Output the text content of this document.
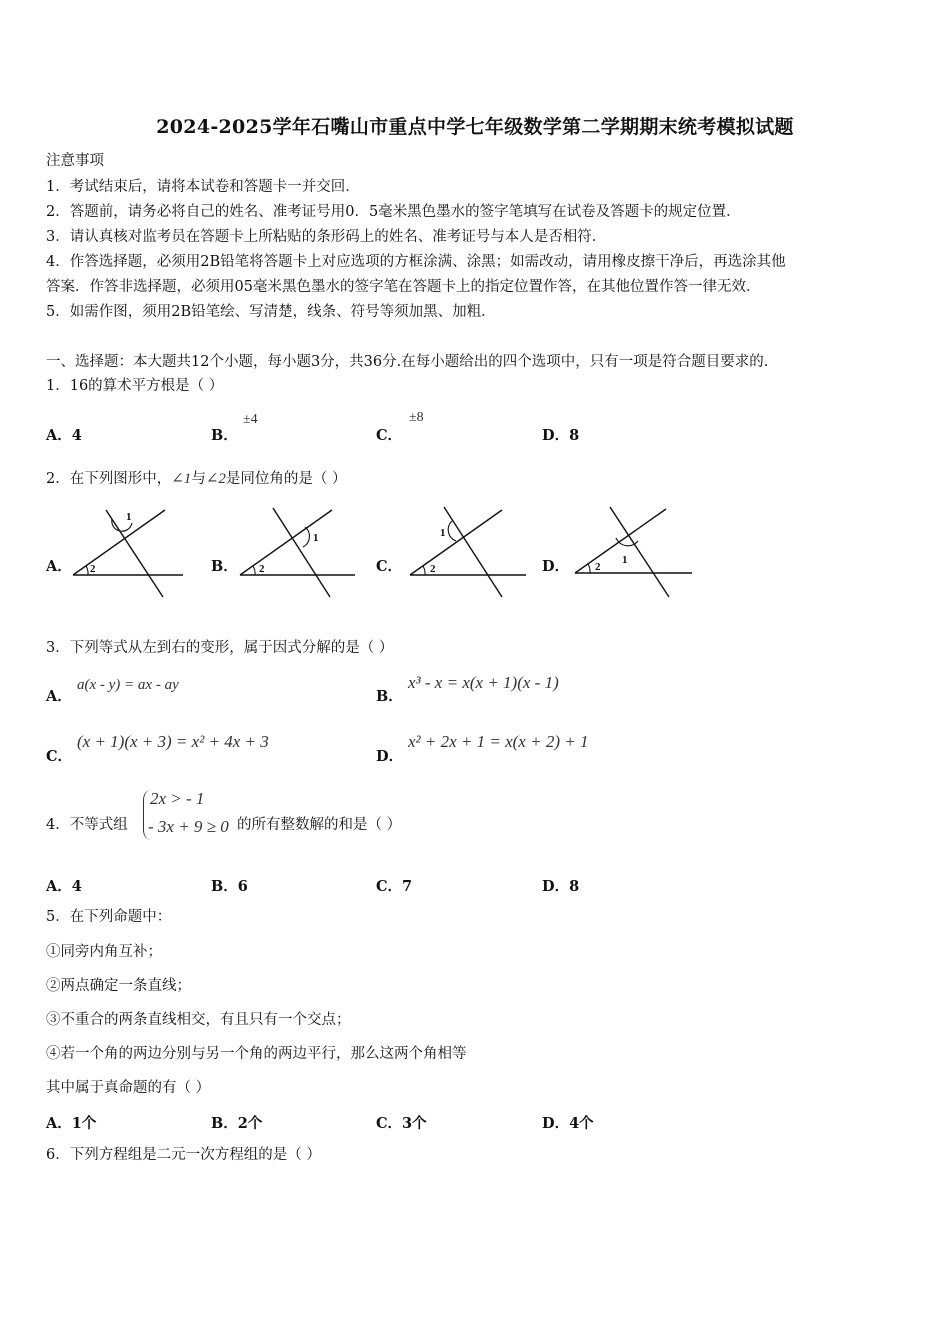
2024-2025学年石嘴山市重点中学七年级数学第二学期期末统考模拟试题
注意事项
1．考试结束后，请将本试卷和答题卡一并交回．
2．答题前，请务必将自己的姓名、准考证号用0．5毫米黑色墨水的签字笔填写在试卷及答题卡的规定位置．
3．请认真核对监考员在答题卡上所粘贴的条形码上的姓名、准考证号与本人是否相符．
4．作答选择题，必须用2B铅笔将答题卡上对应选项的方框涂满、涂黑；如需改动，请用橡皮擦干净后，再选涂其他
答案．作答非选择题，必须用05毫米黑色墨水的签字笔在答题卡上的指定位置作答，在其他位置作答一律无效．
5．如需作图，须用2B铅笔绘、写清楚，线条、符号等须加黑、加粗．
一、选择题：本大题共12个小题，每小题3分，共36分.在每小题给出的四个选项中，只有一项是符合题目要求的.
1．16的算术平方根是（ ）
A．4	B．
±4
C．
±8
D．8
2．在下列图形中，∠1与∠2是同位角的是（ ）
A．	B．	C．	D．
1
2
1
2
1
2
1
2
3．下列等式从左到右的变形，属于因式分解的是（ ）
A．
a(x - y) = ax - ay
B．
x³ - x = x(x + 1)(x - 1)
C．
(x + 1)(x + 3) = x² + 4x + 3
D．
x² + 2x + 1 = x(x + 2) + 1
4．不等式组
2x > - 1
- 3x + 9 ≥ 0 的所有整数解的和是（ ）
A．4	B．6	C．7	D．8
5．在下列命题中：
①同旁内角互补；
②两点确定一条直线；
③不重合的两条直线相交，有且只有一个交点；
④若一个角的两边分别与另一个角的两边平行，那么这两个角相等
其中属于真命题的有（ ）
A．1个	B．2个	C．3个	D．4个
6．下列方程组是二元一次方程组的是（ ）
